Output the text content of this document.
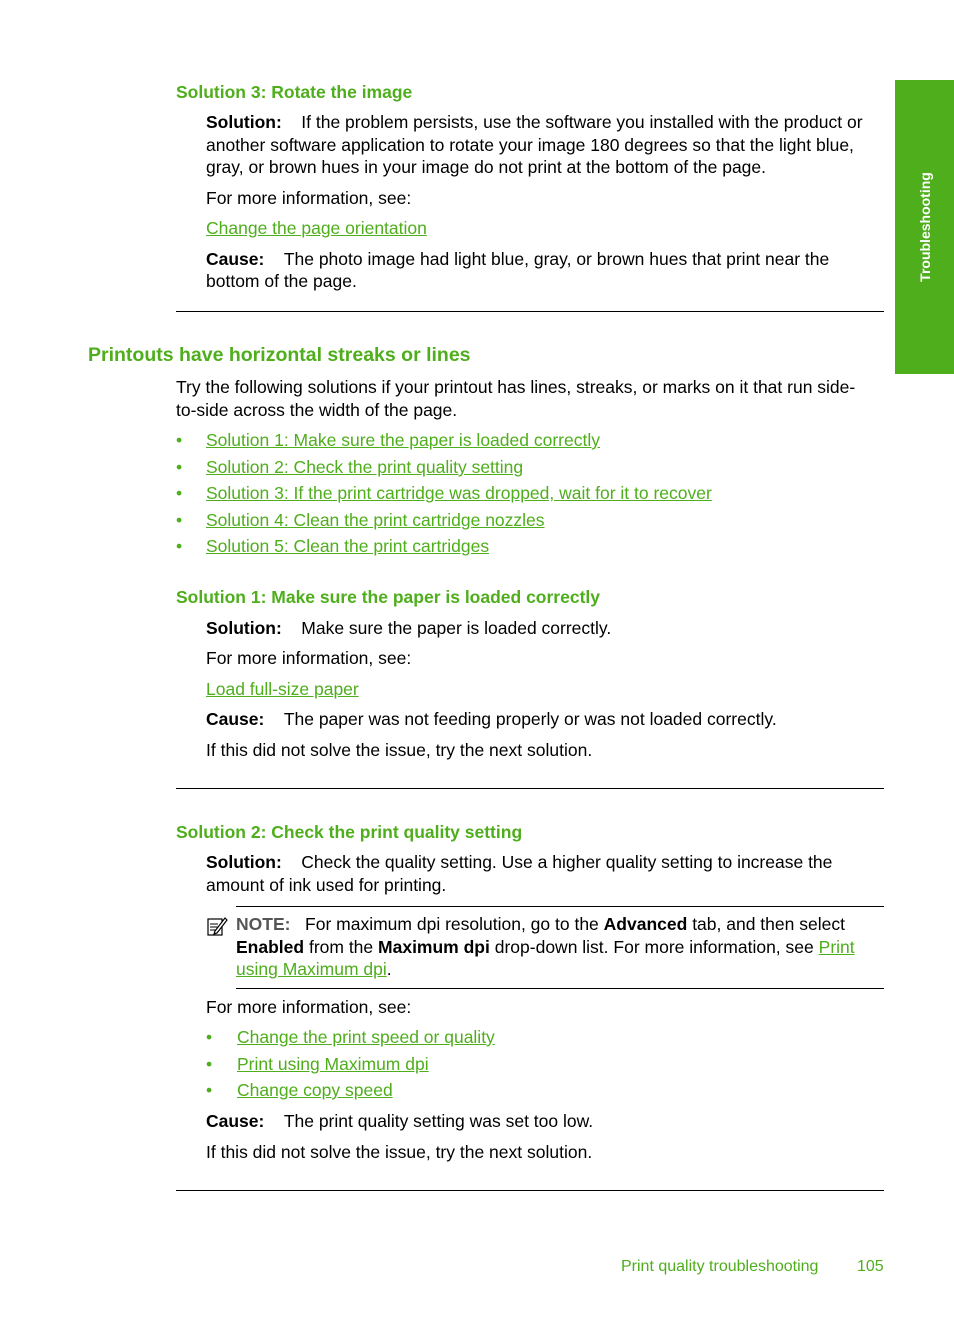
Troubleshooting
Solution 3: Rotate the image
Solution: If the problem persists, use the software you installed with the product or
another software application to rotate your image 180 degrees so that the light blue,
gray, or brown hues in your image do not print at the bottom of the page.
For more information, see:
Change the page orientation
Cause: The photo image had light blue, gray, or brown hues that print near the
bottom of the page.
Printouts have horizontal streaks or lines
Try the following solutions if your printout has lines, streaks, or marks on it that run side-
to-side across the width of the page.
• Solution 1: Make sure the paper is loaded correctly
• Solution 2: Check the print quality setting
• Solution 3: If the print cartridge was dropped, wait for it to recover
• Solution 4: Clean the print cartridge nozzles
• Solution 5: Clean the print cartridges
Solution 1: Make sure the paper is loaded correctly
Solution: Make sure the paper is loaded correctly.
For more information, see:
Load full-size paper
Cause: The paper was not feeding properly or was not loaded correctly.
If this did not solve the issue, try the next solution.
Solution 2: Check the print quality setting
Solution: Check the quality setting. Use a higher quality setting to increase the
amount of ink used for printing.
NOTE: For maximum dpi resolution, go to the Advanced tab, and then select Enabled from the Maximum dpi drop-down list. For more information, see Print
using Maximum dpi.
For more information, see:
• Change the print speed or quality
• Print using Maximum dpi
• Change copy speed
Cause: The print quality setting was set too low.
If this did not solve the issue, try the next solution.
Print quality troubleshooting 105
